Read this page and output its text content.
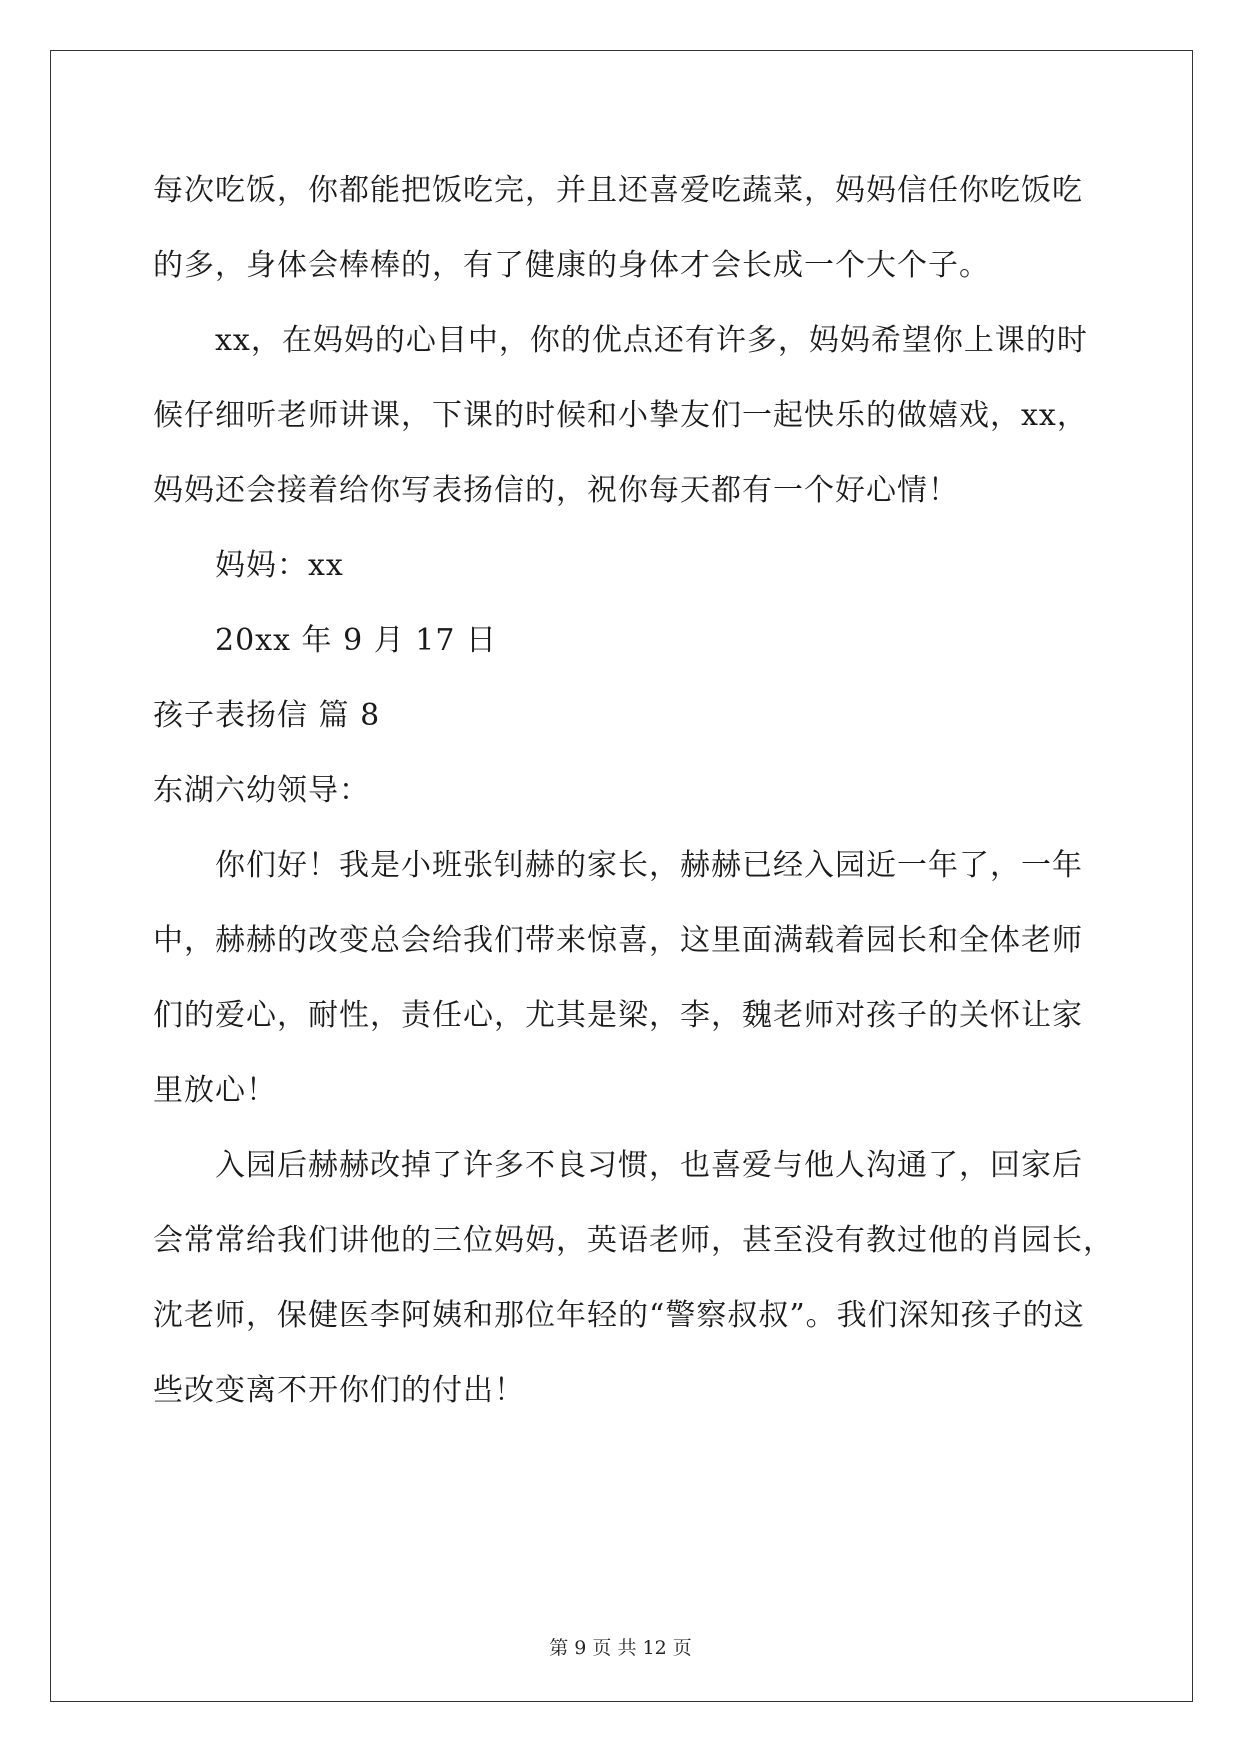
每次吃饭，你都能把饭吃完，并且还喜爱吃蔬菜，妈妈信任你吃饭吃
的多，身体会棒棒的，有了健康的身体才会长成一个大个子。
xx，在妈妈的心目中，你的优点还有许多，妈妈希望你上课的时
候仔细听老师讲课，下课的时候和小挚友们一起快乐的做嬉戏，xx，
妈妈还会接着给你写表扬信的，祝你每天都有一个好心情！
妈妈：xx
20xx 年 9 月 17 日
孩子表扬信 篇 8
东湖六幼领导：
你们好！我是小班张钊赫的家长，赫赫已经入园近一年了，一年
中，赫赫的改变总会给我们带来惊喜，这里面满载着园长和全体老师
们的爱心，耐性，责任心，尤其是梁，李，魏老师对孩子的关怀让家
里放心！
入园后赫赫改掉了许多不良习惯，也喜爱与他人沟通了，回家后
会常常给我们讲他的三位妈妈，英语老师，甚至没有教过他的肖园长，
沈老师，保健医李阿姨和那位年轻的“警察叔叔”。我们深知孩子的这
些改变离不开你们的付出！
第 9 页 共 12 页
